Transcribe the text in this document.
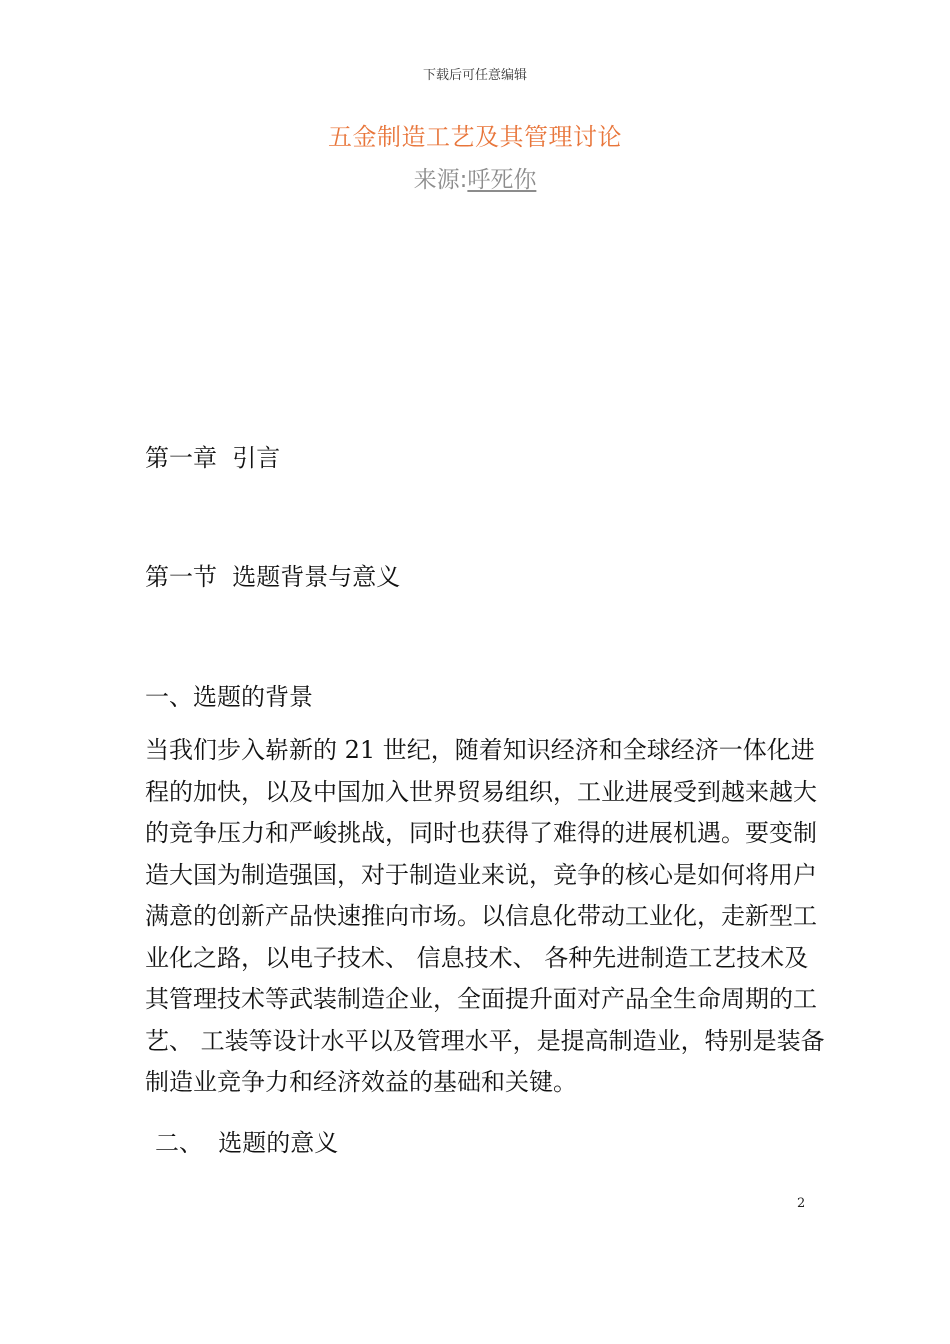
下载后可任意编辑
五金制造工艺及其管理讨论
来源:呼死你
第一章  引言
第一节  选题背景与意义
一、选题的背景
当我们步入崭新的 21 世纪，随着知识经济和全球经济一体化进
程的加快，以及中国加入世界贸易组织，工业进展受到越来越大
的竞争压力和严峻挑战，同时也获得了难得的进展机遇。要变制
造大国为制造强国，对于制造业来说，竞争的核心是如何将用户
满意的创新产品快速推向市场。以信息化带动工业化，走新型工
业化之路，以电子技术、 信息技术、 各种先进制造工艺技术及
其管理技术等武装制造企业，全面提升面对产品全生命周期的工
艺、 工装等设计水平以及管理水平，是提高制造业，特别是装备
制造业竞争力和经济效益的基础和关键。
二、  选题的意义
2
